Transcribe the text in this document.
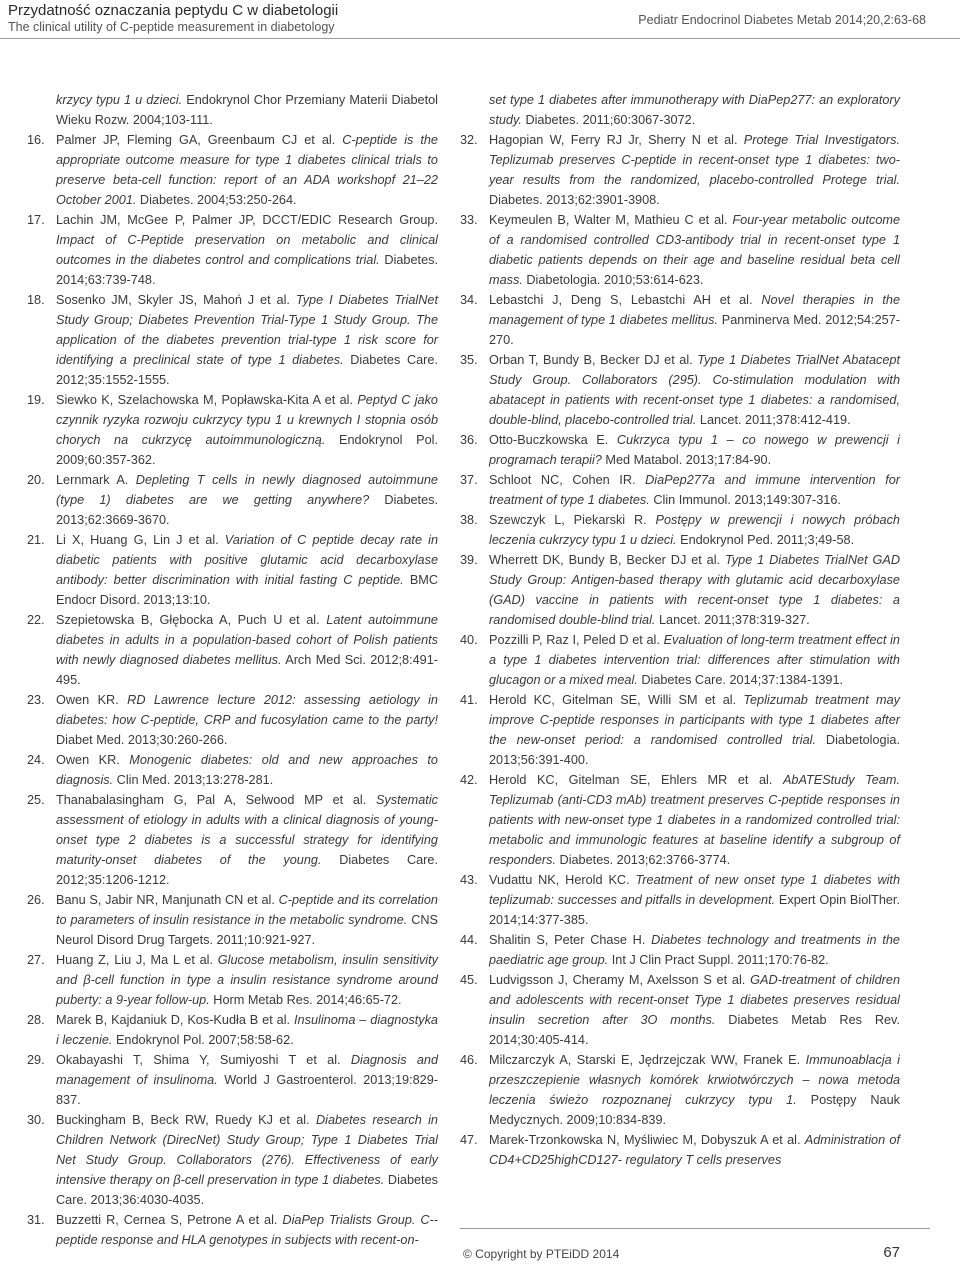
Przydatność oznaczania peptydu C w diabetologii
The clinical utility of C-peptide measurement in diabetology	Pediatr Endocrinol Diabetes Metab 2014;20,2:63-68
krzycy typu 1 u dzieci. Endokrynol Chor Przemiany Materii Diabetol Wieku Rozw. 2004;103-111.
16. Palmer JP, Fleming GA, Greenbaum CJ et al. C-peptide is the appropriate outcome measure for type 1 diabetes clinical trials to preserve beta-cell function: report of an ADA workshopf 21–22 October 2001. Diabetes. 2004;53:250-264.
17. Lachin JM, McGee P, Palmer JP, DCCT/EDIC Research Group. Impact of C-Peptide preservation on metabolic and clinical outcomes in the diabetes control and complications trial. Diabetes. 2014;63:739-748.
18. Sosenko JM, Skyler JS, Mahoń J et al. Type I Diabetes TrialNet Study Group; Diabetes Prevention Trial-Type 1 Study Group. The application of the diabetes prevention trial-type 1 risk score for identifying a preclinical state of type 1 diabetes. Diabetes Care. 2012;35:1552-1555.
19. Siewko K, Szelachowska M, Popławska-Kita A et al. Peptyd C jako czynnik ryzyka rozwoju cukrzycy typu 1 u krewnych I stopnia osób chorych na cukrzycę autoimmunologiczną. Endokrynol Pol. 2009;60:357-362.
20. Lernmark A. Depleting T cells in newly diagnosed autoimmune (type 1) diabetes are we getting anywhere? Diabetes. 2013;62:3669-3670.
21. Li X, Huang G, Lin J et al. Variation of C peptide decay rate in diabetic patients with positive glutamic acid decarboxylase antibody: better discrimination with initial fasting C peptide. BMC Endocr Disord. 2013;13:10.
22. Szepietowska B, Głębocka A, Puch U et al. Latent autoimmune diabetes in adults in a population-based cohort of Polish patients with newly diagnosed diabetes mellitus. Arch Med Sci. 2012;8:491-495.
23. Owen KR. RD Lawrence lecture 2012: assessing aetiology in diabetes: how C-peptide, CRP and fucosylation came to the party! Diabet Med. 2013;30:260-266.
24. Owen KR. Monogenic diabetes: old and new approaches to diagnosis. Clin Med. 2013;13:278-281.
25. Thanabalasingham G, Pal A, Selwood MP et al. Systematic assessment of etiology in adults with a clinical diagnosis of young-onset type 2 diabetes is a successful strategy for identifying maturity-onset diabetes of the young. Diabetes Care. 2012;35:1206-1212.
26. Banu S, Jabir NR, Manjunath CN et al. C-peptide and its correlation to parameters of insulin resistance in the metabolic syndrome. CNS Neurol Disord Drug Targets. 2011;10:921-927.
27. Huang Z, Liu J, Ma L et al. Glucose metabolism, insulin sensitivity and β-cell function in type a insulin resistance syndrome around puberty: a 9-year follow-up. Horm Metab Res. 2014;46:65-72.
28. Marek B, Kajdaniuk D, Kos-Kudła B et al. Insulinoma – diagnostyka i leczenie. Endokrynol Pol. 2007;58:58-62.
29. Okabayashi T, Shima Y, Sumiyoshi T et al. Diagnosis and management of insulinoma. World J Gastroenterol. 2013;19:829-837.
30. Buckingham B, Beck RW, Ruedy KJ et al. Diabetes research in Children Network (DirecNet) Study Group; Type 1 Diabetes Trial Net Study Group. Collaborators (276). Effectiveness of early intensive therapy on β-cell preservation in type 1 diabetes. Diabetes Care. 2013;36:4030-4035.
31. Buzzetti R, Cernea S, Petrone A et al. DiaPep Trialists Group. C--peptide response and HLA genotypes in subjects with recent-on-
set type 1 diabetes after immunotherapy with DiaPep277: an exploratory study. Diabetes. 2011;60:3067-3072.
32. Hagopian W, Ferry RJ Jr, Sherry N et al. Protege Trial Investigators. Teplizumab preserves C-peptide in recent-onset type 1 diabetes: two-year results from the randomized, placebo-controlled Protege trial. Diabetes. 2013;62:3901-3908.
33. Keymeulen B, Walter M, Mathieu C et al. Four-year metabolic outcome of a randomised controlled CD3-antibody trial in recent-onset type 1 diabetic patients depends on their age and baseline residual beta cell mass. Diabetologia. 2010;53:614-623.
34. Lebastchi J, Deng S, Lebastchi AH et al. Novel therapies in the management of type 1 diabetes mellitus. Panminerva Med. 2012;54:257-270.
35. Orban T, Bundy B, Becker DJ et al. Type 1 Diabetes TrialNet Abatacept Study Group. Collaborators (295). Co-stimulation modulation with abatacept in patients with recent-onset type 1 diabetes: a randomised, double-blind, placebo-controlled trial. Lancet. 2011;378:412-419.
36. Otto-Buczkowska E. Cukrzyca typu 1 – co nowego w prewencji i programach terapii? Med Matabol. 2013;17:84-90.
37. Schloot NC, Cohen IR. DiaPep277a and immune intervention for treatment of type 1 diabetes. Clin Immunol. 2013;149:307-316.
38. Szewczyk L, Piekarski R. Postępy w prewencji i nowych próbach leczenia cukrzycy typu 1 u dzieci. Endokrynol Ped. 2011;3;49-58.
39. Wherrett DK, Bundy B, Becker DJ et al. Type 1 Diabetes TrialNet GAD Study Group: Antigen-based therapy with glutamic acid decarboxylase (GAD) vaccine in patients with recent-onset type 1 diabetes: a randomised double-blind trial. Lancet. 2011;378:319-327.
40. Pozzilli P, Raz I, Peled D et al. Evaluation of long-term treatment effect in a type 1 diabetes intervention trial: differences after stimulation with glucagon or a mixed meal. Diabetes Care. 2014;37:1384-1391.
41. Herold KC, Gitelman SE, Willi SM et al. Teplizumab treatment may improve C-peptide responses in participants with type 1 diabetes after the new-onset period: a randomised controlled trial. Diabetologia. 2013;56:391-400.
42. Herold KC, Gitelman SE, Ehlers MR et al. AbATEStudy Team. Teplizumab (anti-CD3 mAb) treatment preserves C-peptide responses in patients with new-onset type 1 diabetes in a randomized controlled trial: metabolic and immunologic features at baseline identify a subgroup of responders. Diabetes. 2013;62:3766-3774.
43. Vudattu NK, Herold KC. Treatment of new onset type 1 diabetes with teplizumab: successes and pitfalls in development. Expert Opin BiolTher. 2014;14:377-385.
44. Shalitin S, Peter Chase H. Diabetes technology and treatments in the paediatric age group. Int J Clin Pract Suppl. 2011;170:76-82.
45. Ludvigsson J, Cheramy M, Axelsson S et al. GAD-treatment of children and adolescents with recent-onset Type 1 diabetes preserves residual insulin secretion after 3O months. Diabetes Metab Res Rev. 2014;30:405-414.
46. Milczarczyk A, Starski E, Jędrzejczak WW, Franek E. Immunoablacja i przeszczepienie własnych komórek krwiotwórczych – nowa metoda leczenia świeżo rozpoznanej cukrzycy typu 1. Postępy Nauk Medycznych. 2009;10:834-839.
47. Marek-Trzonkowska N, Myśliwiec M, Dobyszuk A et al. Administration of CD4+CD25highCD127- regulatory T cells preserves
© Copyright by PTEiDD 2014	67
